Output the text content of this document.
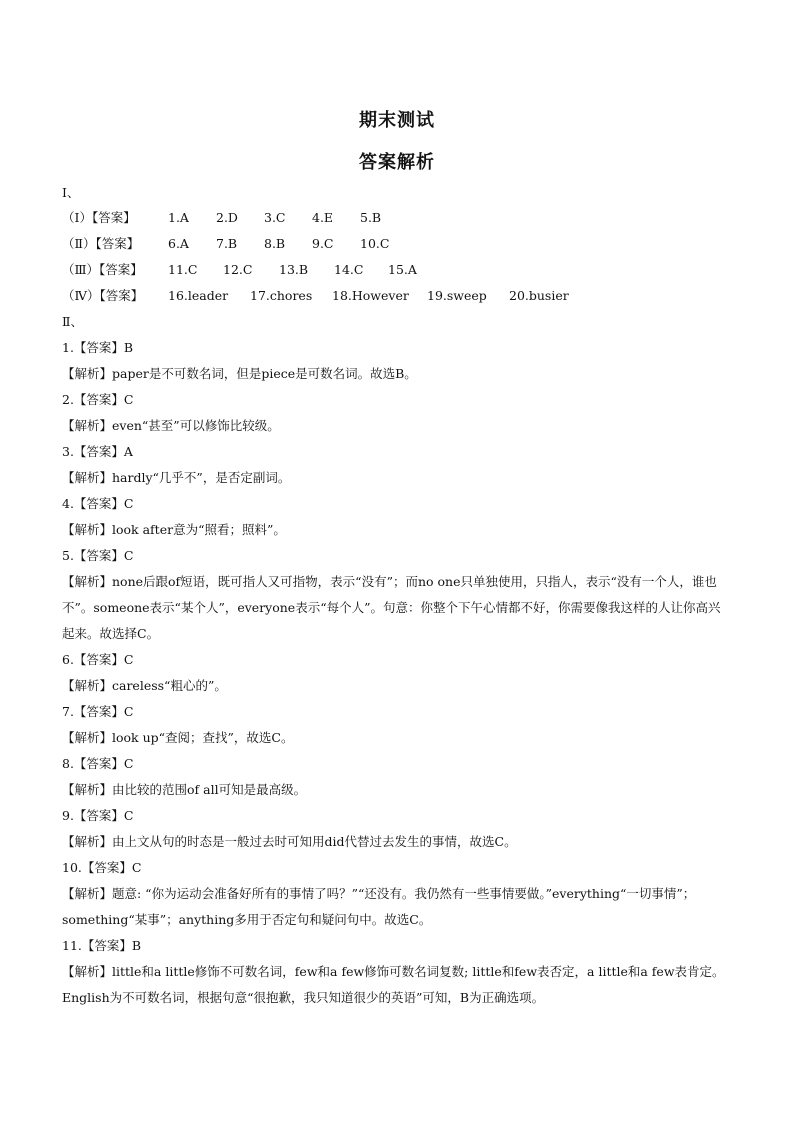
期末测试
答案解析
Ⅰ、
（Ⅰ）【答案】	1.A 2.D 3.C 4.E 5.B
（Ⅱ）【答案】 6.A 7.B 8.B 9.C 10.C
（Ⅲ）【答案】 11.C 12.C 13.B 14.C 15.A
（Ⅳ）【答案】 16.leader 17.chores 18.However 19.sweep 20.busier
Ⅱ、
1.【答案】B
【解析】paper是不可数名词，但是piece是可数名词。故选B。
2.【答案】C
【解析】even“甚至”可以修饰比较级。
3.【答案】A
【解析】hardly“几乎不”，是否定副词。
4.【答案】C
【解析】look after意为“照看；照料”。
5.【答案】C
【解析】none后跟of短语，既可指人又可指物，表示“没有”；而no one只单独使用，只指人，表示“没有一个人，谁也不”。someone表示“某个人”，everyone表示“每个人”。句意：你整个下午心情都不好，你需要像我这样的人让你高兴起来。故选择C。
6.【答案】C
【解析】careless“粗心的”。
7.【答案】C
【解析】look up“查阅；查找”，故选C。
8.【答案】C
【解析】由比较的范围of all可知是最高级。
9.【答案】C
【解析】由上文从句的时态是一般过去时可知用did代替过去发生的事情，故选C。
10.【答案】C
【解析】题意: “你为运动会准备好所有的事情了吗？”“还没有。我仍然有一些事情要做。”everything“一切事情”；something“某事”；anything多用于否定句和疑问句中。故选C。
11.【答案】B
【解析】little和a little修饰不可数名词，few和a few修饰可数名词复数; little和few表否定，a little和a few表肯定。English为不可数名词，根据句意“很抱歉，我只知道很少的英语”可知，B为正确选项。
